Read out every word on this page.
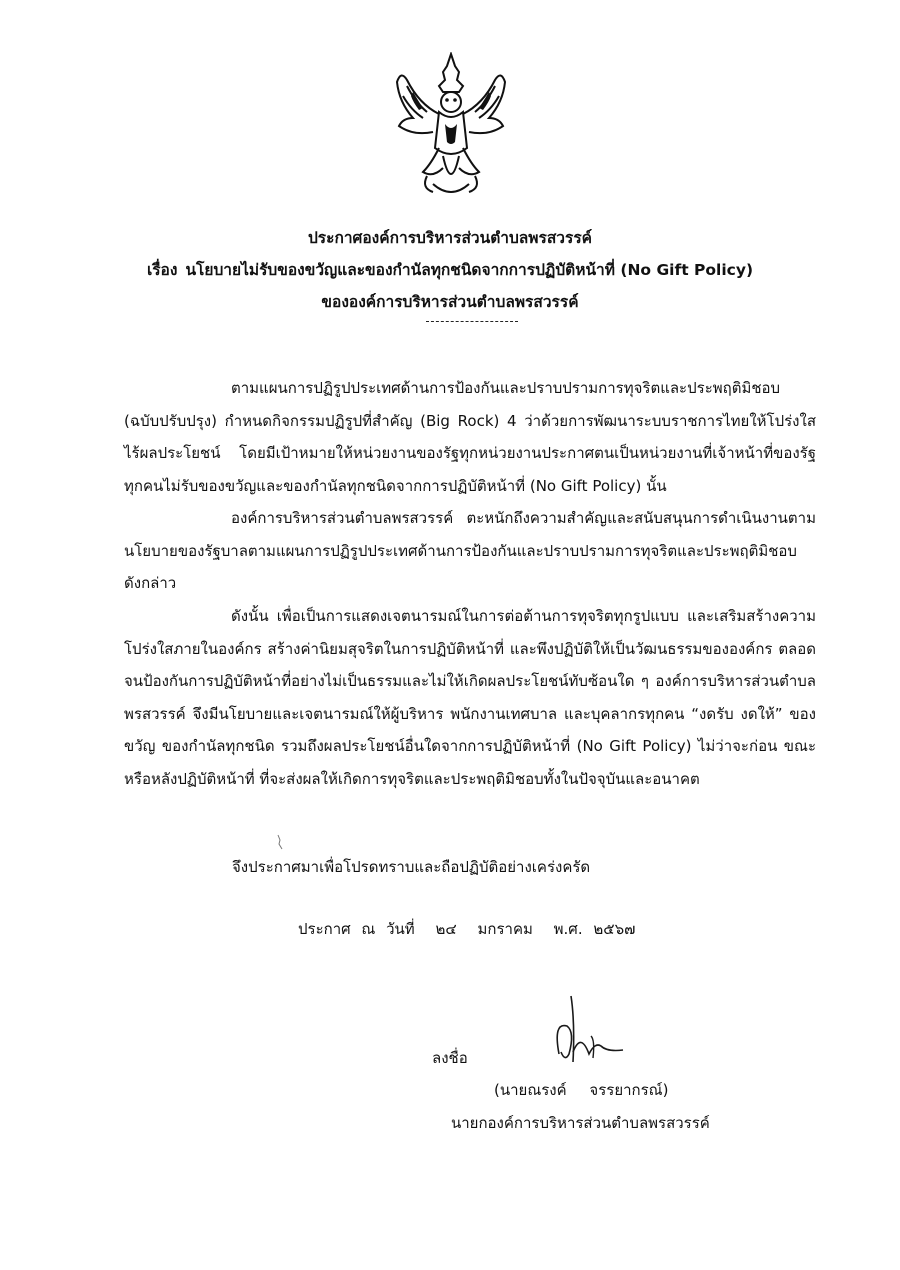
ประกาศองค์การบริหารส่วนตำบลพรสวรรค์
เรื่อง นโยบายไม่รับของขวัญและของกำนัลทุกชนิดจากการปฏิบัติหน้าที่ (No Gift Policy)
ขององค์การบริหารส่วนตำบลพรสวรรค์

ตามแผนการปฏิรูปประเทศด้านการป้องกันและปราบปรามการทุจริตและประพฤติมิชอบ (ฉบับปรับปรุง) กำหนดกิจกรรมปฏิรูปที่สำคัญ (Big Rock) 4 ว่าด้วยการพัฒนาระบบราชการไทยให้โปร่งใส ไร้ผลประโยชน์ โดยมีเป้าหมายให้หน่วยงานของรัฐทุกหน่วยงานประกาศตนเป็นหน่วยงานที่เจ้าหน้าที่ของรัฐทุกคนไม่รับของขวัญและของกำนัลทุกชนิดจากการปฏิบัติหน้าที่ (No Gift Policy) นั้น

องค์การบริหารส่วนตำบลพรสวรรค์ ตะหนักถึงความสำคัญและสนับสนุนการดำเนินงานตามนโยบายของรัฐบาลตามแผนการปฏิรูปประเทศด้านการป้องกันและปราบปรามการทุจริตและประพฤติมิชอบ ดังกล่าว

ดังนั้น เพื่อเป็นการแสดงเจตนารมณ์ในการต่อต้านการทุจริตทุกรูปแบบ และเสริมสร้างความโปร่งใสภายในองค์กร สร้างค่านิยมสุจริตในการปฏิบัติหน้าที่ และพึงปฏิบัติให้เป็นวัฒนธรรมขององค์กร ตลอดจนป้องกันการปฏิบัติหน้าที่อย่างไม่เป็นธรรมและไม่ให้เกิดผลประโยชน์ทับซ้อนใด ๆ องค์การบริหารส่วนตำบลพรสวรรค์ จึงมีนโยบายและเจตนารมณ์ให้ผู้บริหาร พนักงานเทศบาล และบุคลากรทุกคน “งดรับ งดให้” ของขวัญ ของกำนัลทุกชนิด รวมถึงผลประโยชน์อื่นใดจากการปฏิบัติหน้าที่ (No Gift Policy) ไม่ว่าจะก่อน ขณะ หรือหลังปฏิบัติหน้าที่ ที่จะส่งผลให้เกิดการทุจริตและประพฤติมิชอบทั้งในปัจจุบันและอนาคต

จึงประกาศมาเพื่อโปรดทราบและถือปฏิบัติอย่างเคร่งครัด
ประกาศ ณ วันที่ ๒๔ มกราคม พ.ศ. ๒๕๖๗
ลงชื่อ
(นายณรงค์ จรรยากรณ์)
นายกองค์การบริหารส่วนตำบลพรสวรรค์
